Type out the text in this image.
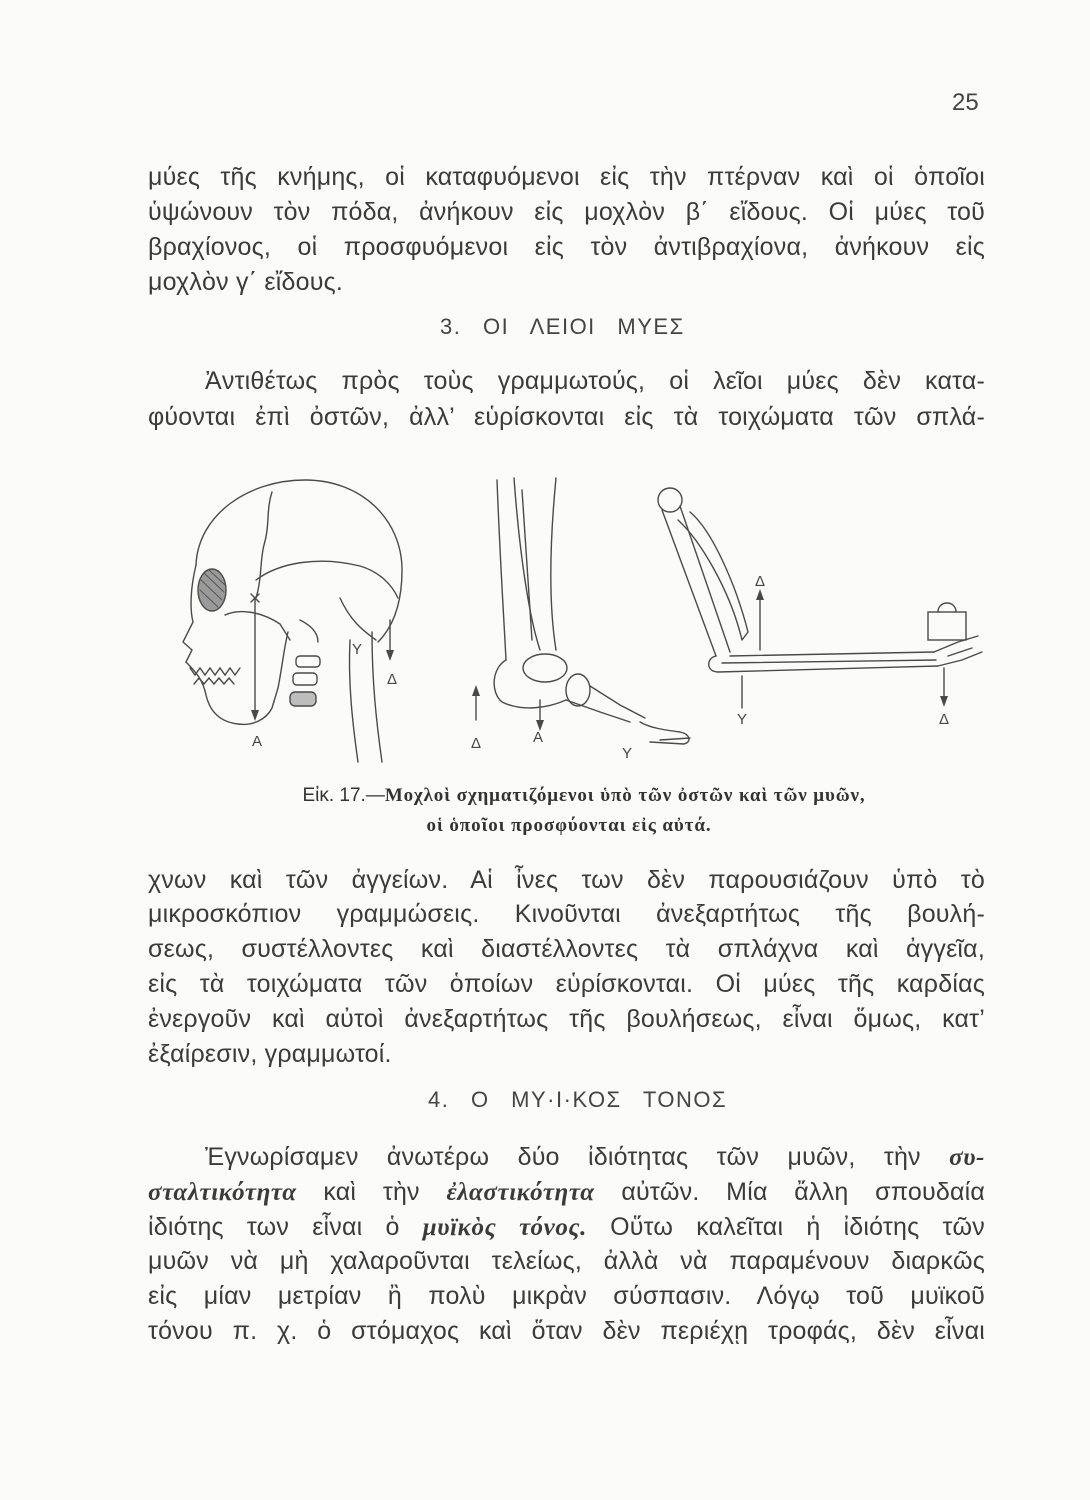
25
μύες τῆς κνήμης, οἱ καταφυόμενοι εἰς τὴν πτέρναν καὶ οἱ ὁποῖοι
ὑψώνουν τὸν πόδα, ἀνήκουν εἰς μοχλὸν β΄ εἴδους. Οἱ μύες τοῦ
βραχίονος, οἱ προσφυόμενοι εἰς τὸν ἀντιβραχίονα, ἀνήκουν εἰς
μοχλὸν γ΄ εἴδους.
3. ΟΙ ΛΕΙΟΙ ΜΥΕΣ
Ἀντιθέτως πρὸς τοὺς γραμμωτούς, οἱ λεῖοι μύες δὲν κατα-
φύονται ἐπὶ ὀστῶν, ἀλλ’ εὑρίσκονται εἰς τὰ τοιχώματα τῶν σπλά-
Υ
Δ
Α	Δ	Α
Υ
Δ
Υ	Δ
Εἰκ. 17.—Μοχλοὶ σχηματιζόμενοι ὑπὸ τῶν ὀστῶν καὶ τῶν μυῶν,
οἱ ὁποῖοι προσφύονται εἰς αὐτά.
χνων καὶ τῶν ἀγγείων. Αἱ ἶνες των δὲν παρουσιάζουν ὑπὸ τὸ
μικροσκόπιον γραμμώσεις. Κινοῦνται ἀνεξαρτήτως τῆς βουλή-
σεως, συστέλλοντες καὶ διαστέλλοντες τὰ σπλάχνα καὶ ἀγγεῖα,
εἰς τὰ τοιχώματα τῶν ὁποίων εὑρίσκονται. Οἱ μύες τῆς καρδίας
ἐνεργοῦν καὶ αὐτοὶ ἀνεξαρτήτως τῆς βουλήσεως, εἶναι ὅμως, κατ’
ἐξαίρεσιν, γραμμωτοί.
4. Ο ΜΥ·Ι·ΚΟΣ ΤΟΝΟΣ
Ἐγνωρίσαμεν ἀνωτέρω δύο ἰδιότητας τῶν μυῶν, τὴν συ-
σταλτικότητα καὶ τὴν ἐλαστικότητα αὐτῶν. Μία ἄλλη σπουδαία
ἰδιότης των εἶναι ὁ μυϊκὸς τόνος. Οὕτω καλεῖται ἡ ἰδιότης τῶν
μυῶν νὰ μὴ χαλαροῦνται τελείως, ἀλλὰ νὰ παραμένουν διαρκῶς
εἰς μίαν μετρίαν ἢ πολὺ μικρὰν σύσπασιν. Λόγῳ τοῦ μυϊκοῦ
τόνου π. χ. ὁ στόμαχος καὶ ὅταν δὲν περιέχῃ τροφάς, δὲν εἶναι
